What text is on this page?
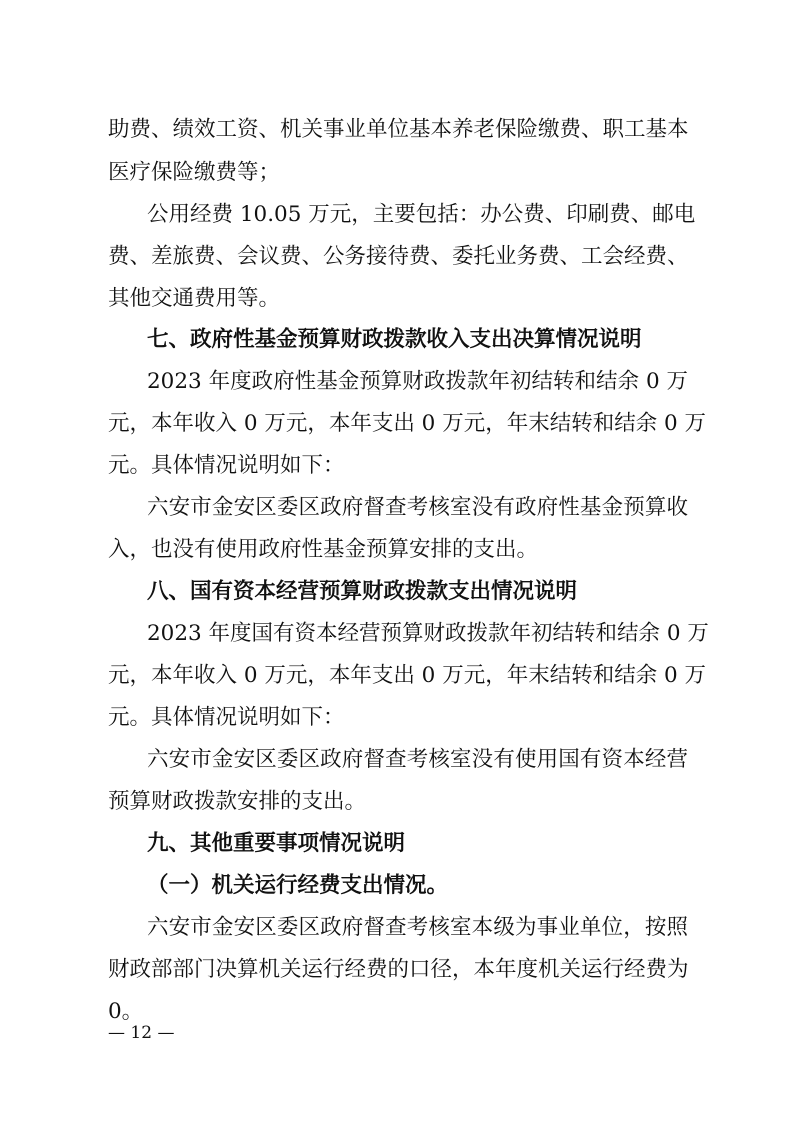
助费、绩效工资、机关事业单位基本养老保险缴费、职工基本
医疗保险缴费等；
公用经费 10.05 万元，主要包括：办公费、印刷费、邮电
费、差旅费、会议费、公务接待费、委托业务费、工会经费、
其他交通费用等。
七、政府性基金预算财政拨款收入支出决算情况说明
2023 年度政府性基金预算财政拨款年初结转和结余 0 万
元，本年收入 0 万元，本年支出 0 万元，年末结转和结余 0 万
元。具体情况说明如下：
六安市金安区委区政府督查考核室没有政府性基金预算收
入，也没有使用政府性基金预算安排的支出。
八、国有资本经营预算财政拨款支出情况说明
2023 年度国有资本经营预算财政拨款年初结转和结余 0 万
元，本年收入 0 万元，本年支出 0 万元，年末结转和结余 0 万
元。具体情况说明如下：
六安市金安区委区政府督查考核室没有使用国有资本经营
预算财政拨款安排的支出。
九、其他重要事项情况说明
（一）机关运行经费支出情况。
六安市金安区委区政府督查考核室本级为事业单位，按照
财政部部门决算机关运行经费的口径，本年度机关运行经费为
0。
— 12 —
